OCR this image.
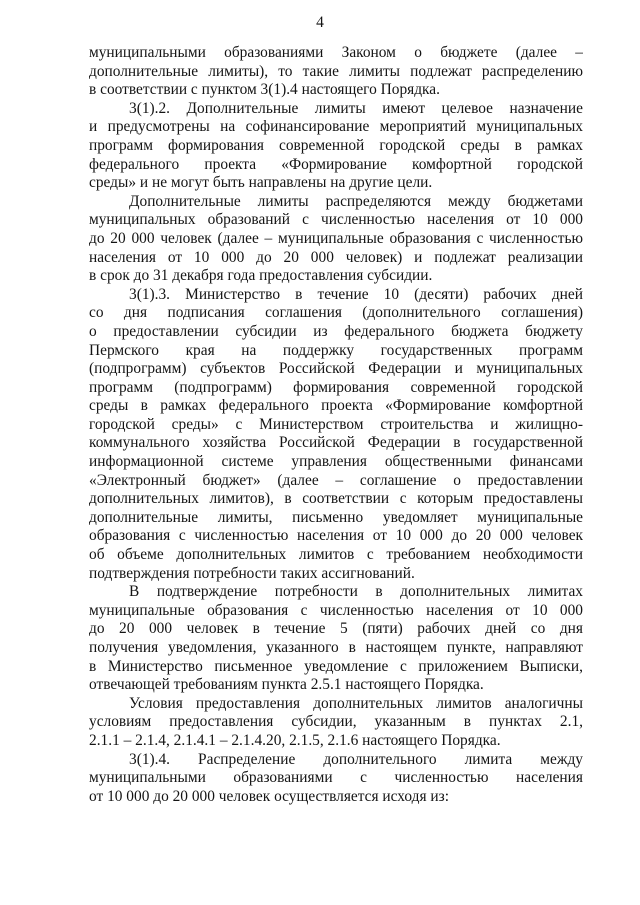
4
муниципальными образованиями Законом о бюджете (далее –
дополнительные лимиты), то такие лимиты подлежат распределению
в соответствии с пунктом 3(1).4 настоящего Порядка.
3(1).2. Дополнительные лимиты имеют целевое назначение
и предусмотрены на софинансирование мероприятий муниципальных
программ формирования современной городской среды в рамках
федерального проекта «Формирование комфортной городской
среды» и не могут быть направлены на другие цели.
Дополнительные лимиты распределяются между бюджетами
муниципальных образований с численностью населения от 10 000
до 20 000 человек (далее – муниципальные образования с численностью
населения от 10 000 до 20 000 человек) и подлежат реализации
в срок до 31 декабря года предоставления субсидии.
3(1).3. Министерство в течение 10 (десяти) рабочих дней
со дня подписания соглашения (дополнительного соглашения)
о предоставлении субсидии из федерального бюджета бюджету
Пермского края на поддержку государственных программ
(подпрограмм) субъектов Российской Федерации и муниципальных
программ (подпрограмм) формирования современной городской
среды в рамках федерального проекта «Формирование комфортной
городской среды» с Министерством строительства и жилищно-
коммунального хозяйства Российской Федерации в государственной
информационной системе управления общественными финансами
«Электронный бюджет» (далее – соглашение о предоставлении
дополнительных лимитов), в соответствии с которым предоставлены
дополнительные лимиты, письменно уведомляет муниципальные
образования с численностью населения от 10 000 до 20 000 человек
об объеме дополнительных лимитов с требованием необходимости
подтверждения потребности таких ассигнований.
В подтверждение потребности в дополнительных лимитах
муниципальные образования с численностью населения от 10 000
до 20 000 человек в течение 5 (пяти) рабочих дней со дня
получения уведомления, указанного в настоящем пункте, направляют
в Министерство письменное уведомление с приложением Выписки,
отвечающей требованиям пункта 2.5.1 настоящего Порядка.
Условия предоставления дополнительных лимитов аналогичны
условиям предоставления субсидии, указанным в пунктах 2.1,
2.1.1 – 2.1.4, 2.1.4.1 – 2.1.4.20, 2.1.5, 2.1.6 настоящего Порядка.
3(1).4. Распределение дополнительного лимита между
муниципальными образованиями с численностью населения
от 10 000 до 20 000 человек осуществляется исходя из:
